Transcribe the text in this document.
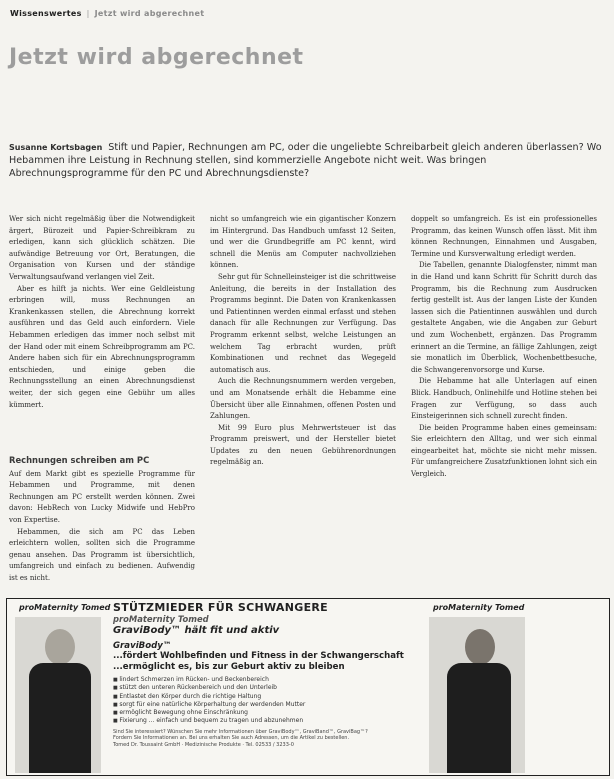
Wissenswertes | Jetzt wird abgerechnet
Jetzt wird abgerechnet
Susanne Kortsbagen Stift und Papier, Rechnungen am PC, oder die ungeliebte Schreibarbeit gleich anderen überlassen? Wo Hebammen ihre Leistung in Rechnung stellen, sind kommerzielle Angebote nicht weit. Was bringen Abrechnungsprogramme für den PC und Abrechnungsdienste?

Wer sich nicht regelmäßig über die Notwendigkeit ärgert, Bürozeit und Papier-Schreibkram zu erledigen, kann sich glücklich schätzen. Die aufwändige Betreuung vor Ort, Beratungen, die Organisation von Kursen und der ständige Verwaltungsaufwand verlangen viel Zeit.

Aber es hilft ja nichts. Wer eine Geldleistung erbringen will, muss Rechnungen an Krankenkassen stellen, die Abrechnung korrekt ausführen und das Geld auch einfordern. Viele Hebammen erledigen das immer noch selbst mit der Hand oder mit einem Schreibprogramm am PC. Andere haben sich für ein Abrechnungsprogramm entschieden, und einige geben die Rechnungsstellung an einen Abrechnungsdienst weiter, der sich gegen eine Gebühr um alles kümmert.

Rechnungen schreiben am PC

Auf dem Markt gibt es spezielle Programme für Hebammen und Programme, mit denen Rechnungen am PC erstellt werden können. Zwei davon: HebRech von Lucky Midwife und HebPro von Expertise.

Hebammen, die sich am PC das Leben erleichtern wollen, sollten sich die Programme genau ansehen. Das Programm ist übersichtlich, umfangreich und einfach zu bedienen. Aufwendig ist es nicht.

nicht so umfangreich wie ein gigantischer Konzern im Hintergrund. Das Handbuch umfasst 12 Seiten, und wer die Grundbegriffe am PC kennt, wird schnell die Menüs am Computer nachvollziehen können.

Sehr gut für Schnelleinsteiger ist die schrittweise Anleitung, die bereits in der Installation des Programms beginnt. Die Daten von Krankenkassen und Patientinnen werden einmal erfasst und stehen danach für alle Rechnungen zur Verfügung. Das Programm erkennt selbst, welche Leistungen an welchem Tag erbracht wurden, prüft Kombinationen und rechnet das Wegegeld automatisch aus.

Auch die Rechnungsnummern werden vergeben, und am Monatsende erhält die Hebamme eine Übersicht über alle Einnahmen, offenen Posten und Zahlungen.

Mit 99 Euro plus Mehrwertsteuer ist das Programm preiswert, und der Hersteller bietet Updates zu den neuen Gebührenordnungen regelmäßig an.

doppelt so umfangreich. Es ist ein professionelles Programm, das keinen Wunsch offen lässt. Mit ihm können Rechnungen, Einnahmen und Ausgaben, Termine und Kursverwaltung erledigt werden.

Die Tabellen, genannte Dialogfenster, nimmt man in die Hand und kann Schritt für Schritt durch das Programm, bis die Rechnung zum Ausdrucken fertig gestellt ist. Aus der langen Liste der Kunden lassen sich die Patientinnen auswählen und durch gestaltete Angaben, wie die Angaben zur Geburt und zum Wochenbett, ergänzen. Das Programm erinnert an die Termine, an fällige Zahlungen, zeigt sie monatlich im Überblick, Wochenbettbesuche, die Schwangerenvorsorge und Kurse.

Die Hebamme hat alle Unterlagen auf einen Blick. Handbuch, Onlinehilfe und Hotline stehen bei Fragen zur Verfügung, so dass auch Einsteigerinnen sich schnell zurecht finden.

Die beiden Programme haben eines gemeinsam: Sie erleichtern den Alltag, und wer sich einmal eingearbeitet hat, möchte sie nicht mehr missen. Für umfangreichere Zusatzfunktionen lohnt sich ein Vergleich.

proMaternity Tomed STÜTZMIEDER FÜR SCHWANGERE
proMaternity Tomed
GraviBody™ hält fit und aktiv
GraviBody™
...fördert Wohlbefinden und Fitness in der Schwangerschaft
...ermöglicht es, bis zur Geburt aktiv zu bleiben
■ lindert Schmerzen im Rücken- und Beckenbereich
■ stützt den unteren Rückenbereich und den Unterleib
■ Entlastet den Körper durch die richtige Haltung
■ sorgt für eine natürliche Körperhaltung der werdenden Mutter
■ ermöglicht Bewegung ohne Einschränkung
■ Fixierung ... einfach und bequem zu tragen und abzunehmen
Sind Sie interessiert? Wünschen Sie mehr Informationen über GraviBody™, GraviBand™, GraviBag™?
Fordern Sie Informationen an. Bei uns erhalten Sie auch Adressen, um die Artikel zu bestellen.
Tomed Dr. Toussaint GmbH · Medizinische Produkte · Tel. 02533 / 3233-0
proMaternity Tomed
